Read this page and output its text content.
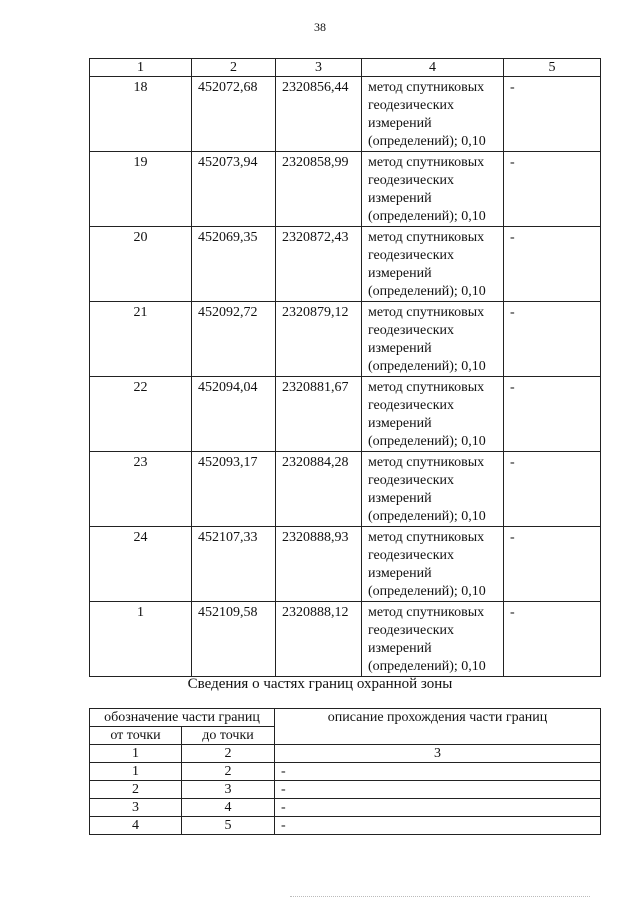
38
1	2	3	4	5
18	452072,68	2320856,44	метод спутниковых
геодезических
измерений
(определений); 0,10	-
19	452073,94	2320858,99	метод спутниковых
геодезических
измерений
(определений); 0,10	-
20	452069,35	2320872,43	метод спутниковых
геодезических
измерений
(определений); 0,10	-
21	452092,72	2320879,12	метод спутниковых
геодезических
измерений
(определений); 0,10	-
22	452094,04	2320881,67	метод спутниковых
геодезических
измерений
(определений); 0,10	-
23	452093,17	2320884,28	метод спутниковых
геодезических
измерений
(определений); 0,10	-
24	452107,33	2320888,93	метод спутниковых
геодезических
измерений
(определений); 0,10	-
1	452109,58	2320888,12	метод спутниковых
геодезических
измерений
(определений); 0,10	-
Сведения о частях границ охранной зоны
обозначение части границ		описание прохождения части границ
от точки	до точки	
1	2	3
1	2	-
2	3	-
3	4	-
4	5	-
